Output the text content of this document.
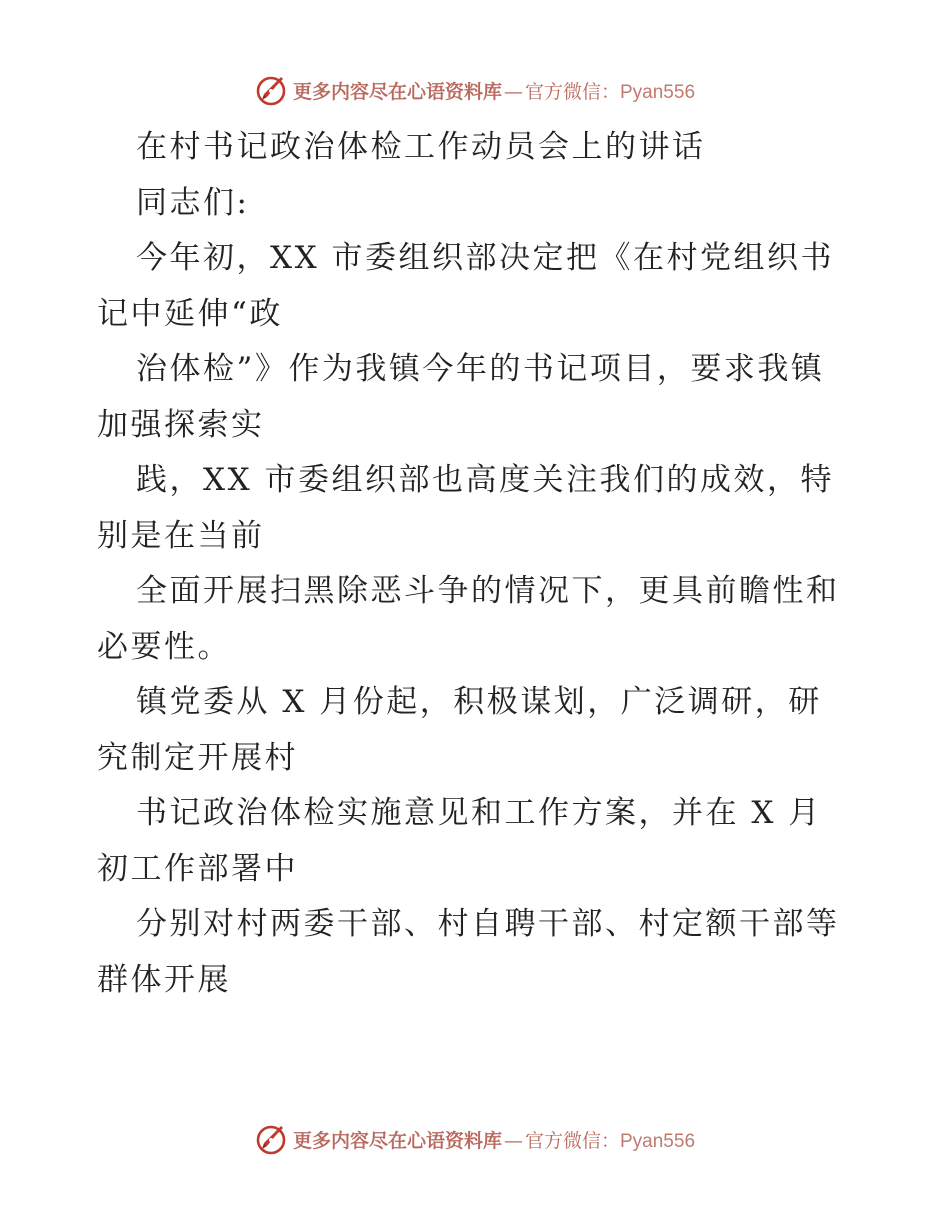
更多内容尽在心语资料库 — 官方微信： Pyan556

在村书记政治体检工作动员会上的讲话

同志们:

今年初，XX 市委组织部决定把《在村党组织书

记中延伸“政

治体检”》作为我镇今年的书记项目，要求我镇

加强探索实

践，XX 市委组织部也高度关注我们的成效，特

别是在当前

全面开展扫黑除恶斗争的情况下，更具前瞻性和

必要性。

镇党委从 X 月份起，积极谋划，广泛调研，研

究制定开展村

书记政治体检实施意见和工作方案，并在 X 月

初工作部署中

分别对村两委干部、村自聘干部、村定额干部等

群体开展

更多内容尽在心语资料库 — 官方微信： Pyan556
